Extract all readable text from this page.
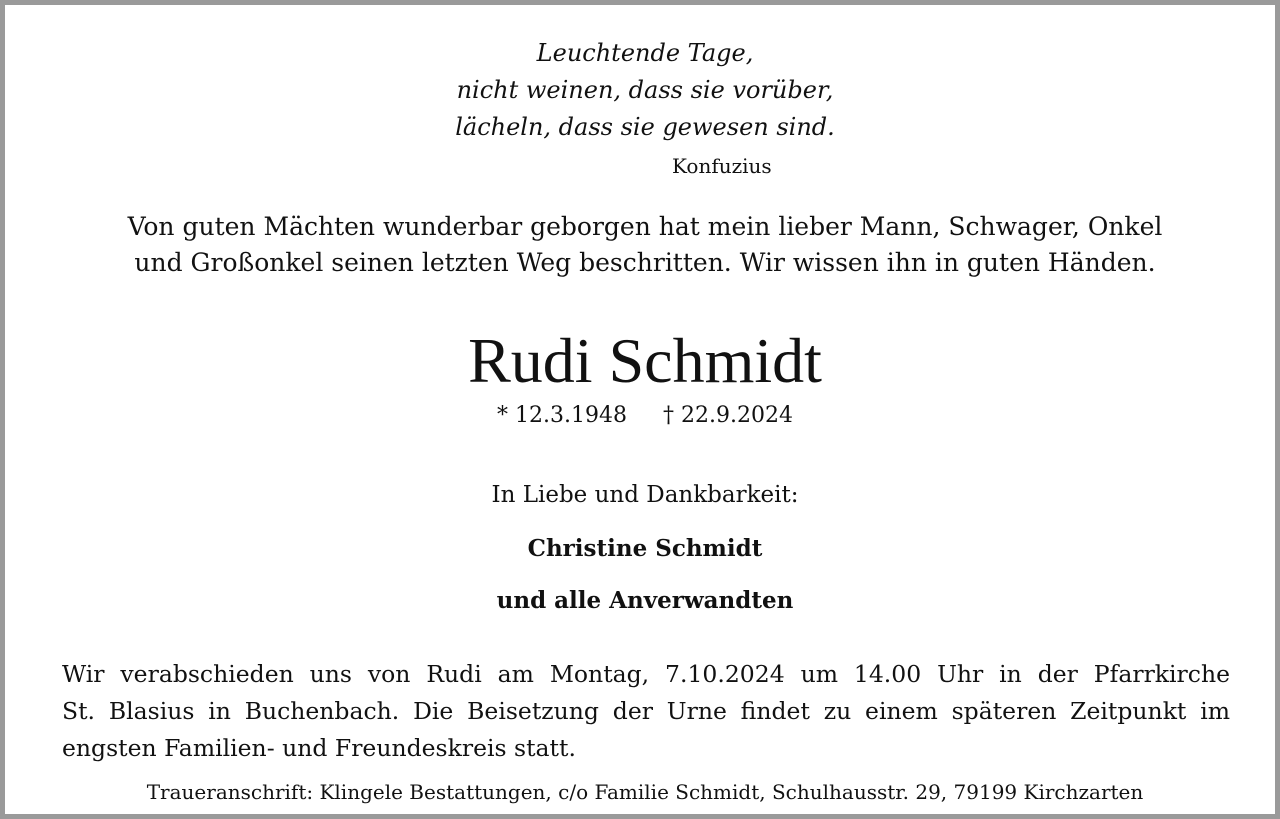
Leuchtende Tage,
nicht weinen, dass sie vorüber,
lächeln, dass sie gewesen sind.
Konfuzius
Von guten Mächten wunderbar geborgen hat mein lieber Mann, Schwager, Onkel
und Großonkel seinen letzten Weg beschritten. Wir wissen ihn in guten Händen.
Rudi Schmidt
* 12.3.1948 † 22.9.2024
In Liebe und Dankbarkeit:
Christine Schmidt
und alle Anverwandten
Wir verabschieden uns von Rudi am Montag, 7.10.2024 um 14.00 Uhr in der Pfarrkirche
St. Blasius in Buchenbach. Die Beisetzung der Urne findet zu einem späteren Zeitpunkt im
engsten Familien- und Freundeskreis statt.
Traueranschrift: Klingele Bestattungen, c/o Familie Schmidt, Schulhausstr. 29, 79199 Kirchzarten
